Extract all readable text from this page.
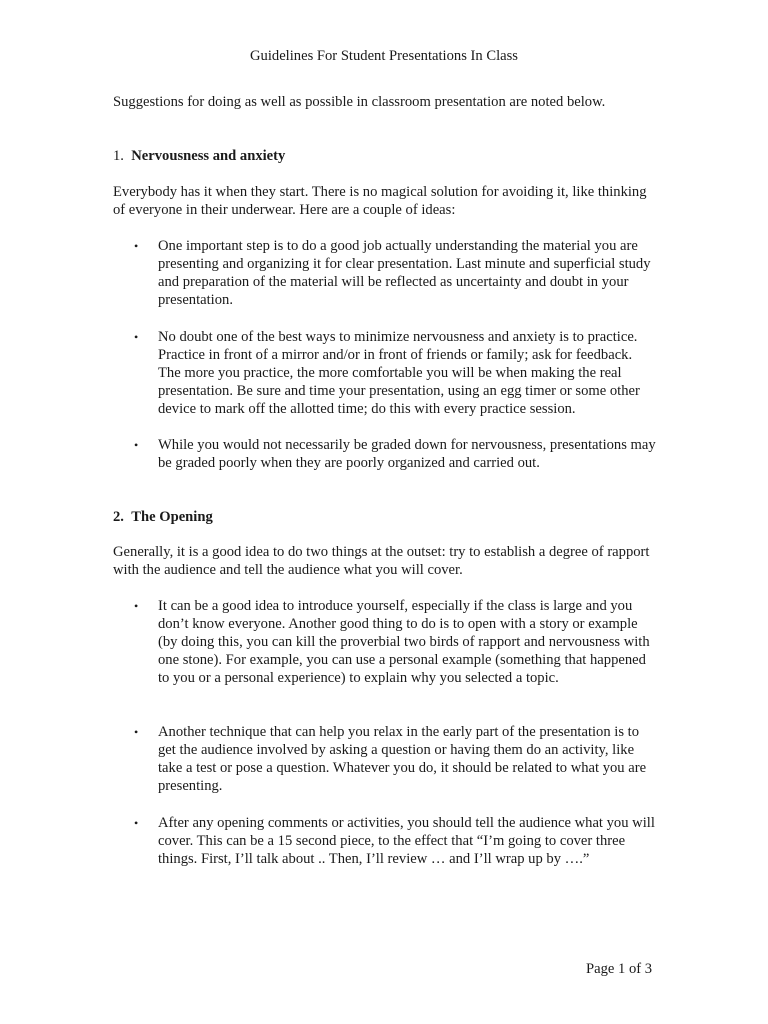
Guidelines For Student Presentations In Class

Suggestions for doing as well as possible in classroom presentation are noted below.

1. Nervousness and anxiety

Everybody has it when they start. There is no magical solution for avoiding it, like thinking of everyone in their underwear. Here are a couple of ideas:

• One important step is to do a good job actually understanding the material you are presenting and organizing it for clear presentation. Last minute and superficial study and preparation of the material will be reflected as uncertainty and doubt in your presentation.

• No doubt one of the best ways to minimize nervousness and anxiety is to practice. Practice in front of a mirror and/or in front of friends or family; ask for feedback. The more you practice, the more comfortable you will be when making the real presentation. Be sure and time your presentation, using an egg timer or some other device to mark off the allotted time; do this with every practice session.

• While you would not necessarily be graded down for nervousness, presentations may be graded poorly when they are poorly organized and carried out.

2. The Opening

Generally, it is a good idea to do two things at the outset: try to establish a degree of rapport with the audience and tell the audience what you will cover.

• It can be a good idea to introduce yourself, especially if the class is large and you don’t know everyone. Another good thing to do is to open with a story or example (by doing this, you can kill the proverbial two birds of rapport and nervousness with one stone). For example, you can use a personal example (something that happened to you or a personal experience) to explain why you selected a topic.

• Another technique that can help you relax in the early part of the presentation is to get the audience involved by asking a question or having them do an activity, like take a test or pose a question. Whatever you do, it should be related to what you are presenting.

• After any opening comments or activities, you should tell the audience what you will cover. This can be a 15 second piece, to the effect that “I’m going to cover three things. First, I’ll talk about .. Then, I’ll review … and I’ll wrap up by ….”

Page 1 of 3
